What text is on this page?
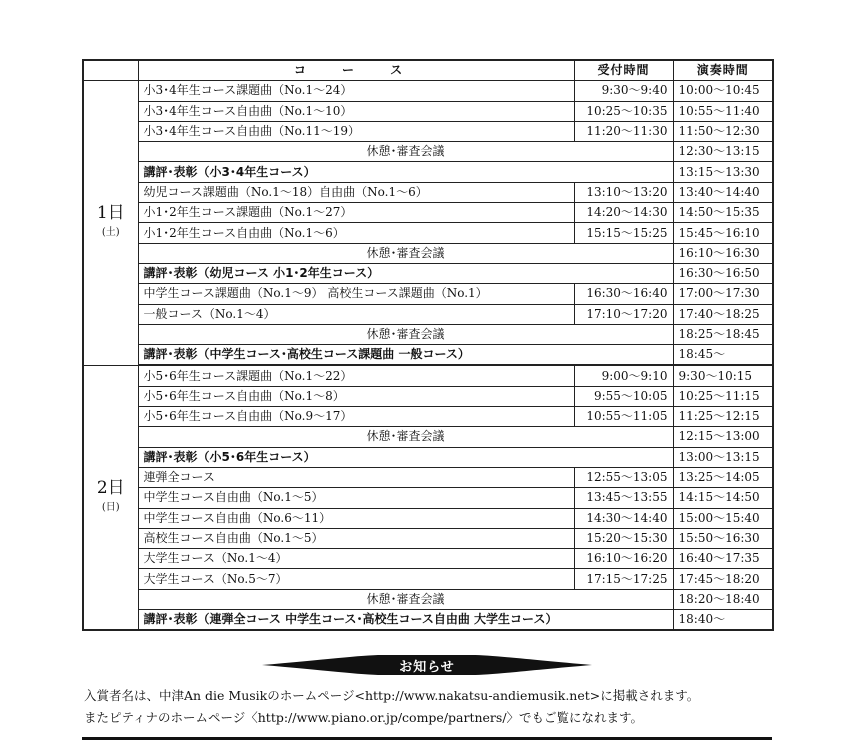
	コ ー ス	受付時間	演奏時間

1日
(土)	小3･4年生コース課題曲（No.1〜24）	9:30〜9:40	10:00〜10:45
	小3･4年生コース自由曲（No.1〜10）	10:25〜10:35	10:55〜11:40
	小3･4年生コース自由曲（No.11〜19）	11:20〜11:30	11:50〜12:30
	休憩･審査会議		12:30〜13:15
	講評･表彰（小3･4年生コース）		13:15〜13:30
	幼児コース課題曲（No.1〜18）自由曲（No.1〜6）	13:10〜13:20	13:40〜14:40
	小1･2年生コース課題曲（No.1〜27）	14:20〜14:30	14:50〜15:35
	小1･2年生コース自由曲（No.1〜6）	15:15〜15:25	15:45〜16:10
	休憩･審査会議		16:10〜16:30
	講評･表彰（幼児コース 小1･2年生コース）		16:30〜16:50
	中学生コース課題曲（No.1〜9） 高校生コース課題曲（No.1）	16:30〜16:40	17:00〜17:30
	一般コース（No.1〜4）	17:10〜17:20	17:40〜18:25
	休憩･審査会議		18:25〜18:45
	講評･表彰（中学生コース･高校生コース課題曲 一般コース）		18:45〜

2日
(日)	小5･6年生コース課題曲（No.1〜22）	9:00〜9:10	9:30〜10:15
	小5･6年生コース自由曲（No.1〜8）	9:55〜10:05	10:25〜11:15
	小5･6年生コース自由曲（No.9〜17）	10:55〜11:05	11:25〜12:15
	休憩･審査会議		12:15〜13:00
	講評･表彰（小5･6年生コース）		13:00〜13:15
	連弾全コース	12:55〜13:05	13:25〜14:05
	中学生コース自由曲（No.1〜5）	13:45〜13:55	14:15〜14:50
	中学生コース自由曲（No.6〜11）	14:30〜14:40	15:00〜15:40
	高校生コース自由曲（No.1〜5）	15:20〜15:30	15:50〜16:30
	大学生コース（No.1〜4）	16:10〜16:20	16:40〜17:35
	大学生コース（No.5〜7）	17:15〜17:25	17:45〜18:20
	休憩･審査会議		18:20〜18:40
	講評･表彰（連弾全コース 中学生コース･高校生コース自由曲 大学生コース）		18:40〜
お知らせ
入賞者名は、中津An die Musikのホームページ<http://www.nakatsu-andiemusik.net>に掲載されます。
またピティナのホームページ〈http://www.piano.or.jp/compe/partners/〉でもご覧になれます。
